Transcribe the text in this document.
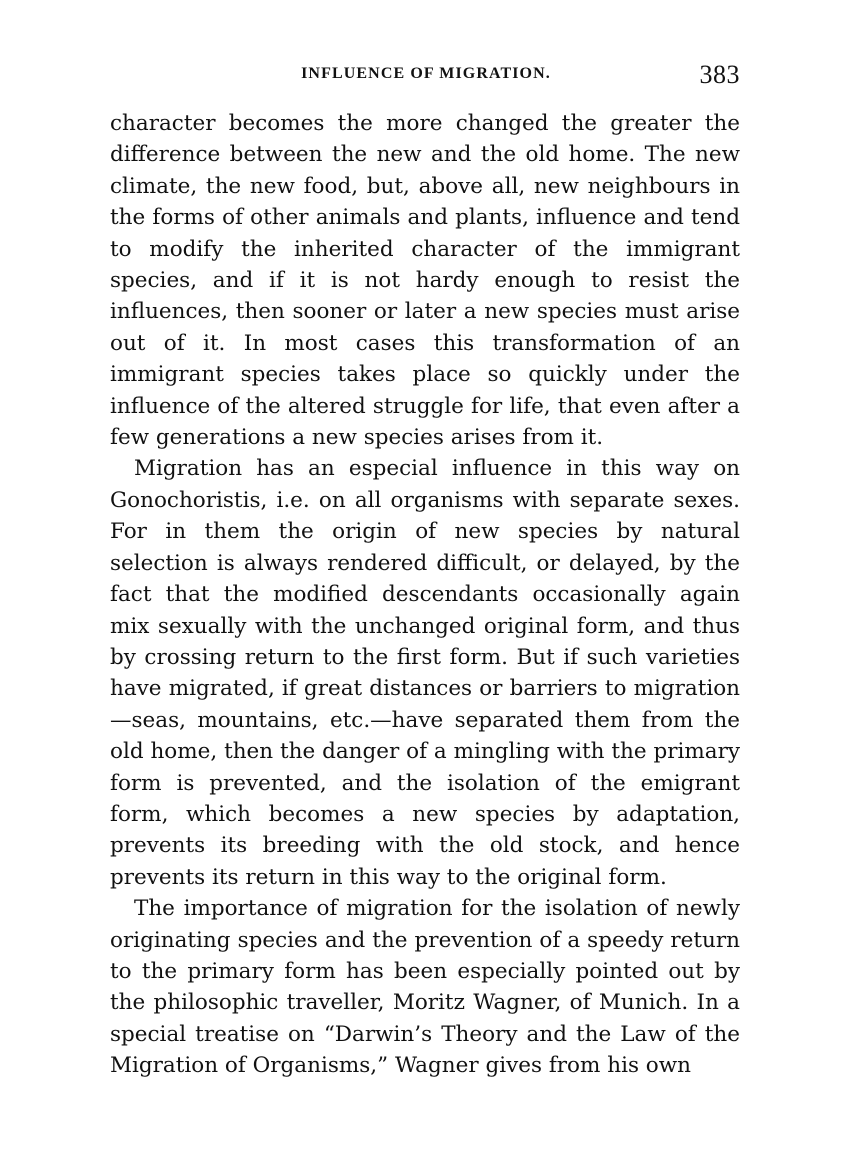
INFLUENCE OF MIGRATION.	383

character becomes the more changed the greater the difference between the new and the old home. The new climate, the new food, but, above all, new neighbours in the forms of other animals and plants, influence and tend to modify the inherited character of the immigrant species, and if it is not hardy enough to resist the influences, then sooner or later a new species must arise out of it. In most cases this transformation of an immigrant species takes place so quickly under the influence of the altered struggle for life, that even after a few generations a new species arises from it.

Migration has an especial influence in this way on Gonochoristis, i.e. on all organisms with separate sexes. For in them the origin of new species by natural selection is always rendered difficult, or delayed, by the fact that the modified descendants occasionally again mix sexually with the unchanged original form, and thus by crossing return to the first form. But if such varieties have migrated, if great distances or barriers to migration—seas, mountains, etc.—have separated them from the old home, then the danger of a mingling with the primary form is prevented, and the isolation of the emigrant form, which becomes a new species by adaptation, prevents its breeding with the old stock, and hence prevents its return in this way to the original form.

The importance of migration for the isolation of newly originating species and the prevention of a speedy return to the primary form has been especially pointed out by the philosophic traveller, Moritz Wagner, of Munich. In a special treatise on “Darwin’s Theory and the Law of the Migration of Organisms,” Wagner gives from his own
